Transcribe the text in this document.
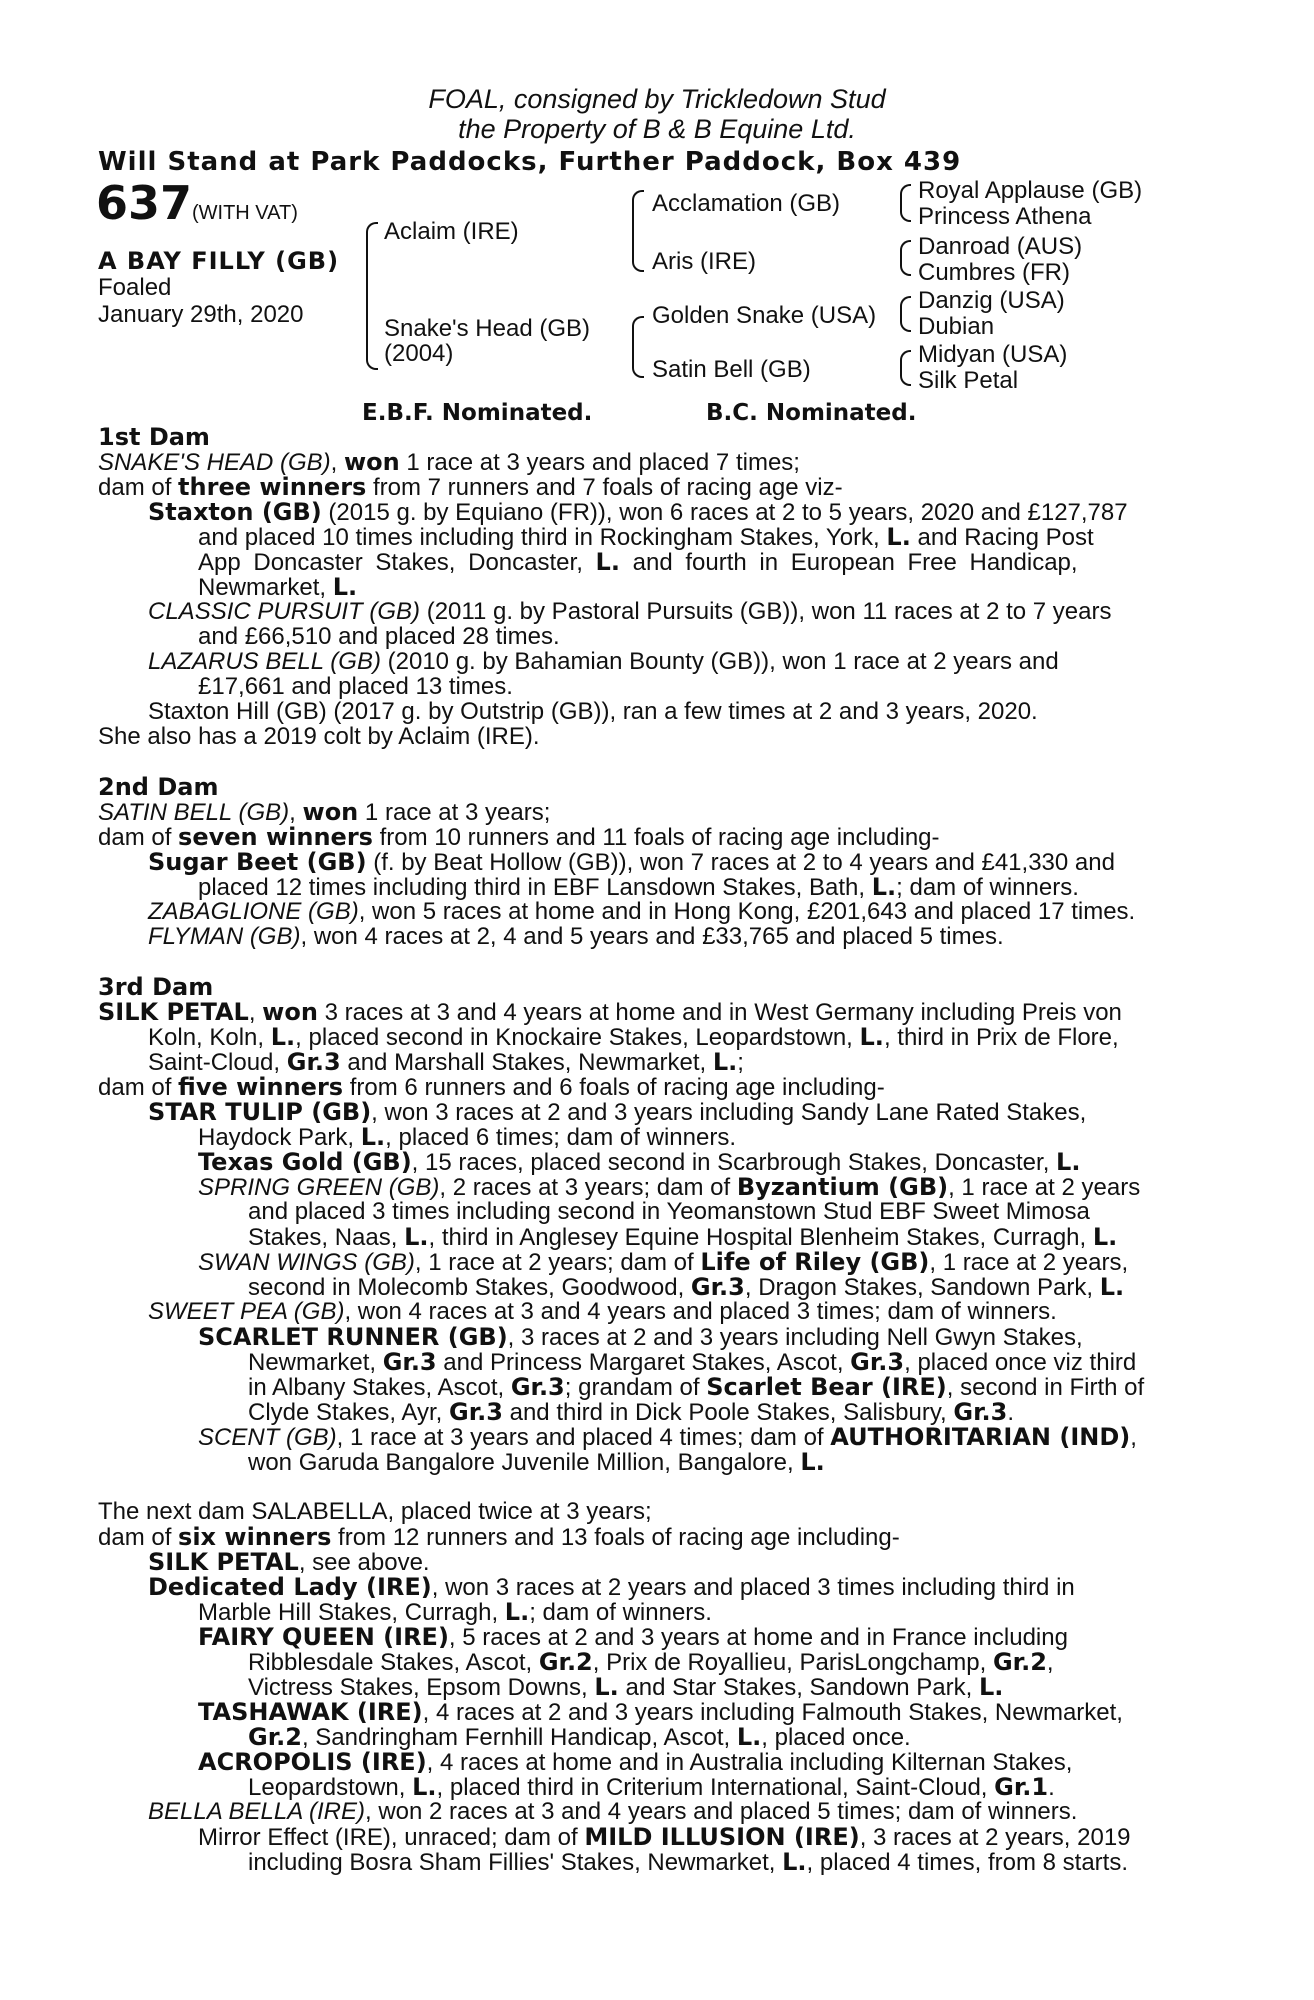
FOAL, consigned by Trickledown Stud
the Property of B & B Equine Ltd.
Will Stand at Park Paddocks, Further Paddock, Box 439
637 (WITH VAT)
A BAY FILLY (GB)
Foaled
January 29th, 2020
Aclaim (IRE)
Snake's Head (GB)
(2004)
Acclamation (GB)
Aris (IRE)
Golden Snake (USA)
Satin Bell (GB)
Royal Applause (GB)
Princess Athena
Danroad (AUS)
Cumbres (FR)
Danzig (USA)
Dubian
Midyan (USA)
Silk Petal
E.B.F. Nominated.	B.C. Nominated.
1st Dam
SNAKE'S HEAD (GB), won 1 race at 3 years and placed 7 times;
dam of three winners from 7 runners and 7 foals of racing age viz-
Staxton (GB) (2015 g. by Equiano (FR)), won 6 races at 2 to 5 years, 2020 and £127,787
and placed 10 times including third in Rockingham Stakes, York, L. and Racing Post
App Doncaster Stakes, Doncaster, L. and fourth in European Free Handicap,
Newmarket, L.
CLASSIC PURSUIT (GB) (2011 g. by Pastoral Pursuits (GB)), won 11 races at 2 to 7 years
and £66,510 and placed 28 times.
LAZARUS BELL (GB) (2010 g. by Bahamian Bounty (GB)), won 1 race at 2 years and
£17,661 and placed 13 times.
Staxton Hill (GB) (2017 g. by Outstrip (GB)), ran a few times at 2 and 3 years, 2020.
She also has a 2019 colt by Aclaim (IRE).
2nd Dam
SATIN BELL (GB), won 1 race at 3 years;
dam of seven winners from 10 runners and 11 foals of racing age including-
Sugar Beet (GB) (f. by Beat Hollow (GB)), won 7 races at 2 to 4 years and £41,330 and
placed 12 times including third in EBF Lansdown Stakes, Bath, L.; dam of winners.
ZABAGLIONE (GB), won 5 races at home and in Hong Kong, £201,643 and placed 17 times.
FLYMAN (GB), won 4 races at 2, 4 and 5 years and £33,765 and placed 5 times.
3rd Dam
SILK PETAL, won 3 races at 3 and 4 years at home and in West Germany including Preis von
Koln, Koln, L., placed second in Knockaire Stakes, Leopardstown, L., third in Prix de Flore,
Saint-Cloud, Gr.3 and Marshall Stakes, Newmarket, L.;
dam of five winners from 6 runners and 6 foals of racing age including-
STAR TULIP (GB), won 3 races at 2 and 3 years including Sandy Lane Rated Stakes,
Haydock Park, L., placed 6 times; dam of winners.
Texas Gold (GB), 15 races, placed second in Scarbrough Stakes, Doncaster, L.
SPRING GREEN (GB), 2 races at 3 years; dam of Byzantium (GB), 1 race at 2 years
and placed 3 times including second in Yeomanstown Stud EBF Sweet Mimosa
Stakes, Naas, L., third in Anglesey Equine Hospital Blenheim Stakes, Curragh, L.
SWAN WINGS (GB), 1 race at 2 years; dam of Life of Riley (GB), 1 race at 2 years,
second in Molecomb Stakes, Goodwood, Gr.3, Dragon Stakes, Sandown Park, L.
SWEET PEA (GB), won 4 races at 3 and 4 years and placed 3 times; dam of winners.
SCARLET RUNNER (GB), 3 races at 2 and 3 years including Nell Gwyn Stakes,
Newmarket, Gr.3 and Princess Margaret Stakes, Ascot, Gr.3, placed once viz third
in Albany Stakes, Ascot, Gr.3; grandam of Scarlet Bear (IRE), second in Firth of
Clyde Stakes, Ayr, Gr.3 and third in Dick Poole Stakes, Salisbury, Gr.3.
SCENT (GB), 1 race at 3 years and placed 4 times; dam of AUTHORITARIAN (IND),
won Garuda Bangalore Juvenile Million, Bangalore, L.
The next dam SALABELLA, placed twice at 3 years;
dam of six winners from 12 runners and 13 foals of racing age including-
SILK PETAL, see above.
Dedicated Lady (IRE), won 3 races at 2 years and placed 3 times including third in
Marble Hill Stakes, Curragh, L.; dam of winners.
FAIRY QUEEN (IRE), 5 races at 2 and 3 years at home and in France including
Ribblesdale Stakes, Ascot, Gr.2, Prix de Royallieu, ParisLongchamp, Gr.2,
Victress Stakes, Epsom Downs, L. and Star Stakes, Sandown Park, L.
TASHAWAK (IRE), 4 races at 2 and 3 years including Falmouth Stakes, Newmarket,
Gr.2, Sandringham Fernhill Handicap, Ascot, L., placed once.
ACROPOLIS (IRE), 4 races at home and in Australia including Kilternan Stakes,
Leopardstown, L., placed third in Criterium International, Saint-Cloud, Gr.1.
BELLA BELLA (IRE), won 2 races at 3 and 4 years and placed 5 times; dam of winners.
Mirror Effect (IRE), unraced; dam of MILD ILLUSION (IRE), 3 races at 2 years, 2019
including Bosra Sham Fillies' Stakes, Newmarket, L., placed 4 times, from 8 starts.
